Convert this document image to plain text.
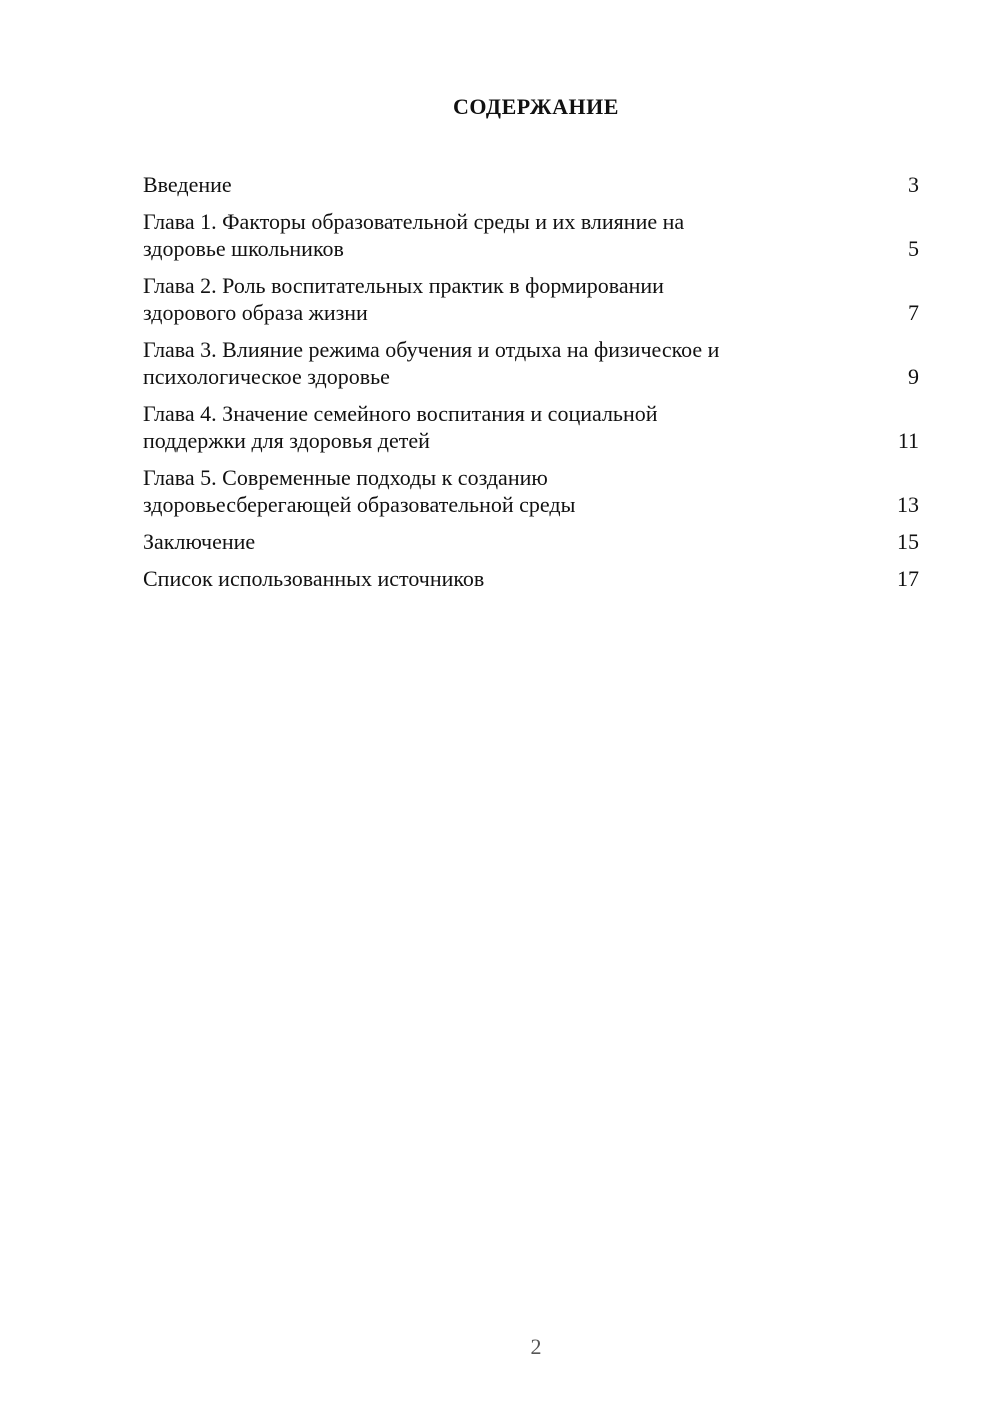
СОДЕРЖАНИЕ
Введение	3
Глава 1. Факторы образовательной среды и их влияние на
здоровье школьников	5
Глава 2. Роль воспитательных практик в формировании
здорового образа жизни	7
Глава 3. Влияние режима обучения и отдыха на физическое и
психологическое здоровье	9
Глава 4. Значение семейного воспитания и социальной
поддержки для здоровья детей	11
Глава 5. Современные подходы к созданию
здоровьесберегающей образовательной среды	13
Заключение	15
Список использованных источников	17
2
